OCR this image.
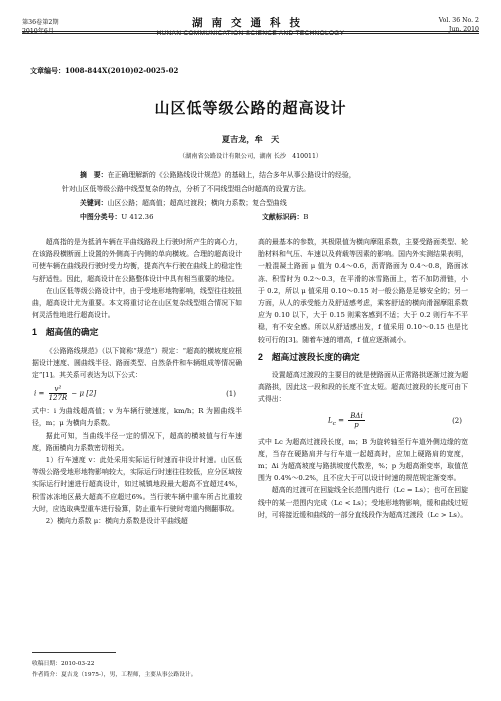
第36卷第2期
2010年6月
湖南交通科技
HUNAN COMMUNICATION SCIENCE AND TECHNOLOGY
Vol. 36 No. 2
Jun. 2010
文章编号：1008-844X(2010)02-0025-02
山区低等级公路的超高设计
夏吉龙，牟　天
（湖南省公路设计有限公司，湖南 长沙　410011）
摘　要：在正确理解新的《公路路线设计规范》的基础上，结合多年从事公路设计的经验，
针对山区低等级公路中线型复杂的特点，分析了不同线型组合时超高的设置方法。
关键词：山区公路；超高值；超高过渡段；横向力系数；复合型曲线
中图分类号：U 412.36	文献标识码：B

超高指的是为抵消车辆在平曲线路段上行驶时所产生的离心力，在该路段横断面上设置的外侧高于内侧的单向横坡。合理的超高设计可使车辆在曲线段行驶时受力均衡，提高汽车行驶在曲线上的稳定性与舒适性。因此，超高设计在公路整体设计中具有相当重要的地位。

在山区低等级公路设计中，由于受地形地物影响，线型往往较扭曲，超高设计尤为重要。本文将重讨论在山区复杂线型组合情况下如何灵活性地进行超高设计。

1　超高值的确定

《公路路线规范》（以下简称“规范”）规定：“超高的横坡度应根据设计速度、圆曲线半径、路面类型、自然条件和车辆组成等情况确定”[1]。其关系可表达为以下公式：

$i = \frac{\text{v²}}{127R} - \mu$ [2]	(1)

式中：i 为曲线超高值；v 为车辆行驶速度，km/h；R 为圆曲线半径，m；μ 为横向力系数。

据此可知，当曲线半径一定的情况下，超高的横坡值与行车速度，路面横向力系数密切相关。

1）行车速度 v：此处采用实际运行时速而非设计时速。山区低等级公路受地形地物影响较大，实际运行时速往往较低，应分区域按实际运行时速进行超高设计，如过城镇地段最大超高不宜超过4%，积雪冰冻地区最大超高不应超过6%。当行驶车辆中重车所占比重较大时，应选取典型重车进行验算，防止重车行驶时弯道内侧翻事故。

2）横向力系数 μ：横向力系数是设计平曲线超

高的最基本的参数，其极限值为横向摩阻系数，主要受路面类型、轮胎材料和气压、车速以及荷载等因素的影响。国内外实测结果表明，一般混凝土路面 μ 值为 0.4～0.6，沥青路面为 0.4～0.8，路面冰冻、积雪时为 0.2～0.3，在平滑的冰雪路面上，若不加防滑链，小于 0.2，所以 μ 值采用 0.10～0.15 对一般公路是足够安全的；另一方面，从人的承受能力及舒适感考虑，乘客舒适的横向滑溜摩阻系数应为 0.10 以下，大于 0.15 则乘客感到不适；大于 0.2 则行车不平稳，有不安全感。所以从舒适感出发，f 值采用 0.10～0.15 也是比较可行的[3]。随着车速的增高，f 值应逐渐减小。

2　超高过渡段长度的确定

设置超高过渡段的主要目的就是使路面从正常路拱逐渐过渡为超高路拱，因此这一段和段的长度不宜太短。超高过渡段的长度可由下式得出：

$L_c = \frac{\text{BΔi}}{p}$	(2)

式中 Lc 为超高过渡段长度，m；B 为旋转轴至行车道外侧边缘的宽度，当存在硬路肩并与行车道一起超高时，应加上硬路肩的宽度，m；Δi 为超高坡度与路拱坡度代数差，%；p 为超高渐变率，取值范围为 0.4%～0.2%，且不应大于可以设计时速的规范规定渐变率。

超高的过渡可在回旋线全长范围内进行（Lc = Ls）；也可在回旋线中的某一范围内完成（Lc < Ls）；受地形地物影响，缓和曲线过短时，可将接近缓和曲线的一部分直线段作为超高过渡段（Lc > Ls）。

收稿日期：2010-03-22
作者简介：夏吉龙（1975-），男，工程师，主要从事公路设计。
